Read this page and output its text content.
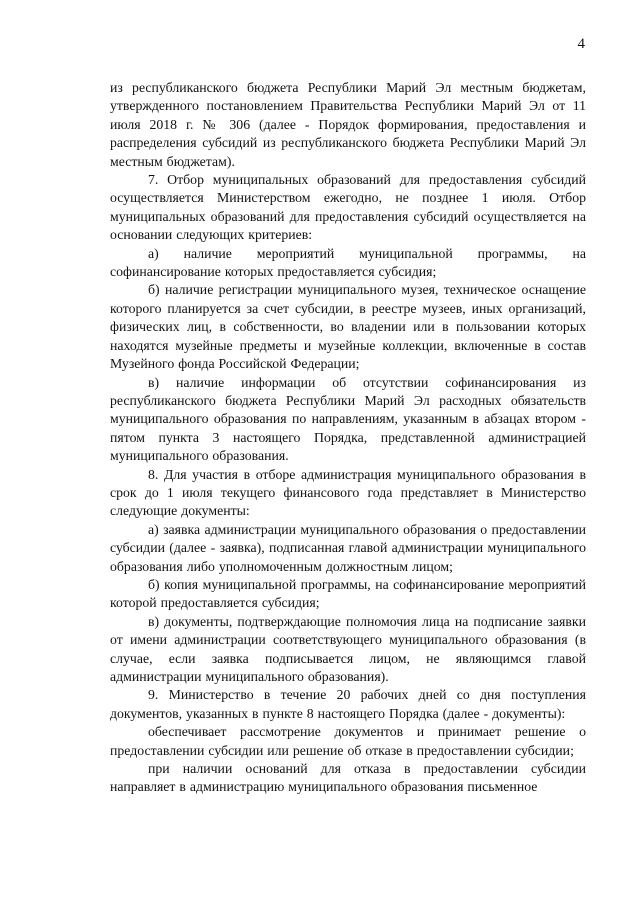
4

из республиканского бюджета Республики Марий Эл местным бюджетам, утвержденного постановлением Правительства Республики Марий Эл от 11 июля 2018 г. № 306 (далее - Порядок формирования, предоставления и распределения субсидий из республиканского бюджета Республики Марий Эл местным бюджетам).

7. Отбор муниципальных образований для предоставления субсидий осуществляется Министерством ежегодно, не позднее 1 июля. Отбор муниципальных образований для предоставления субсидий осуществляется на основании следующих критериев:

а) наличие мероприятий муниципальной программы, на софинансирование которых предоставляется субсидия;

б) наличие регистрации муниципального музея, техническое оснащение которого планируется за счет субсидии, в реестре музеев, иных организаций, физических лиц, в собственности, во владении или в пользовании которых находятся музейные предметы и музейные коллекции, включенные в состав Музейного фонда Российской Федерации;

в) наличие информации об отсутствии софинансирования из республиканского бюджета Республики Марий Эл расходных обязательств муниципального образования по направлениям, указанным в абзацах втором - пятом пункта 3 настоящего Порядка, представленной администрацией муниципального образования.

8. Для участия в отборе администрация муниципального образования в срок до 1 июля текущего финансового года представляет в Министерство следующие документы:

а) заявка администрации муниципального образования о предоставлении субсидии (далее - заявка), подписанная главой администрации муниципального образования либо уполномоченным должностным лицом;

б) копия муниципальной программы, на софинансирование мероприятий которой предоставляется субсидия;

в) документы, подтверждающие полномочия лица на подписание заявки от имени администрации соответствующего муниципального образования (в случае, если заявка подписывается лицом, не являющимся главой администрации муниципального образования).

9. Министерство в течение 20 рабочих дней со дня поступления документов, указанных в пункте 8 настоящего Порядка (далее - документы):

обеспечивает рассмотрение документов и принимает решение о предоставлении субсидии или решение об отказе в предоставлении субсидии;

при наличии оснований для отказа в предоставлении субсидии направляет в администрацию муниципального образования письменное
